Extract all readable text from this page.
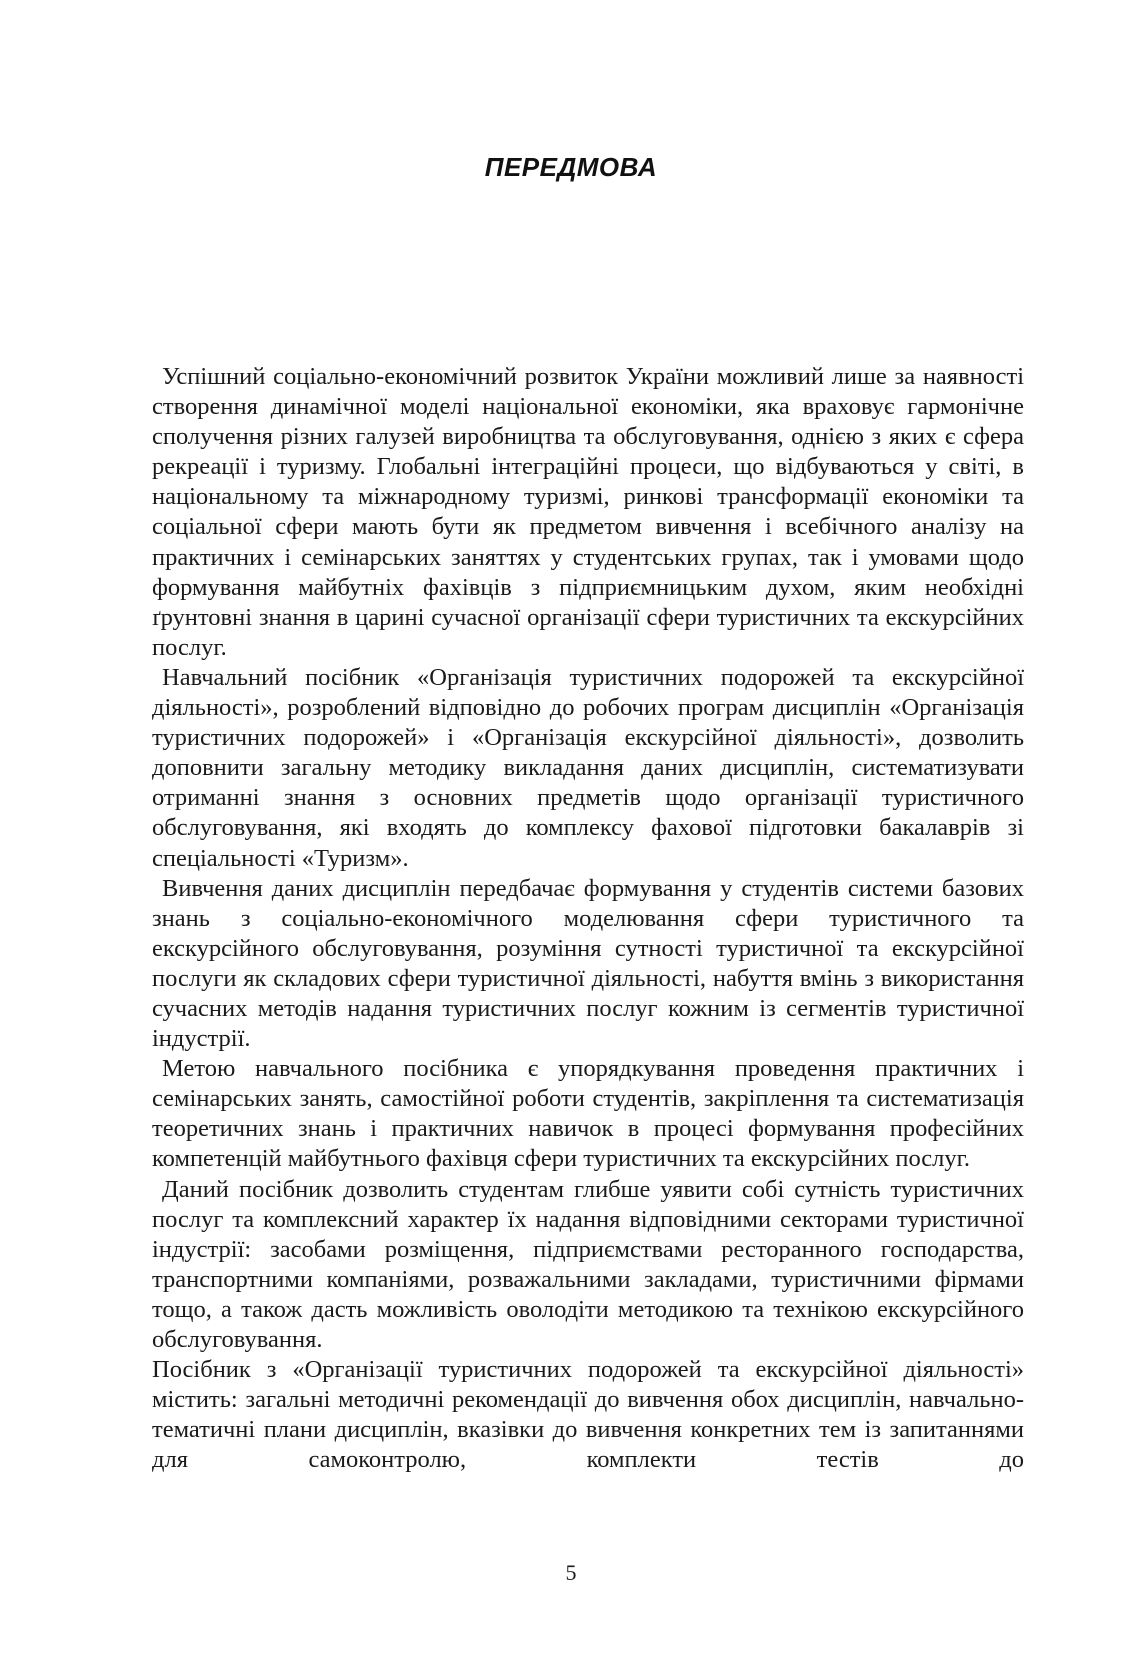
ПЕРЕДМОВА

Успішний соціально-економічний розвиток України можливий лише за наявності створення динамічної моделі національної економіки, яка враховує гармонічне сполучення різних галузей виробництва та обслуговування, однією з яких є сфера рекреації і туризму. Глобальні інтеграційні процеси, що відбуваються у світі, в національному та міжнародному туризмі, ринкові трансформації економіки та соціальної сфери мають бути як предметом вивчення і всебічного аналізу на практичних і семінарських заняттях у студентських групах, так і умовами щодо формування майбутніх фахівців з підприємницьким духом, яким необхідні ґрунтовні знання в царині сучасної організації сфери туристичних та екскурсійних послуг.

Навчальний посібник «Організація туристичних подорожей та екскурсійної діяльності», розроблений відповідно до робочих програм дисциплін «Організація туристичних подорожей» і «Організація екскурсійної діяльності», дозволить доповнити загальну методику викладання даних дисциплін, систематизувати отриманні знання з основних предметів щодо організації туристичного обслуговування, які входять до комплексу фахової підготовки бакалаврів зі спеціальності «Туризм».

Вивчення даних дисциплін передбачає формування у студентів системи базових знань з соціально-економічного моделювання сфери туристичного та екскурсійного обслуговування, розуміння сутності туристичної та екскурсійної послуги як складових сфери туристичної діяльності, набуття вмінь з використання сучасних методів надання туристичних послуг кожним із сегментів туристичної індустрії.

Метою навчального посібника є упорядкування проведення практичних і семінарських занять, самостійної роботи студентів, закріплення та систематизація теоретичних знань і практичних навичок в процесі формування професійних компетенцій майбутнього фахівця сфери туристичних та екскурсійних послуг.

Даний посібник дозволить студентам глибше уявити собі сутність туристичних послуг та комплексний характер їх надання відповідними секторами туристичної індустрії: засобами розміщення, підприємствами ресторанного господарства, транспортними компаніями, розважальними закладами, туристичними фірмами тощо, а також дасть можливість оволодіти методикою та технікою екскурсійного обслуговування.

Посібник з «Організації туристичних подорожей та екскурсійної діяльності» містить: загальні методичні рекомендації до вивчення обох дисциплін, навчально-тематичні плани дисциплін, вказівки до вивчення конкретних тем із запитаннями для самоконтролю, комплекти тестів до

5
